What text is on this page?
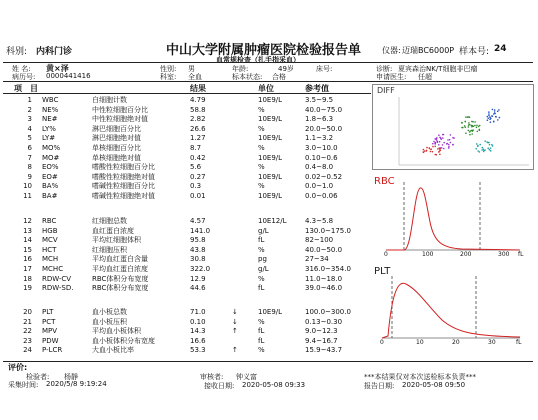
科别: 内科门诊	中山大学附属肿瘤医院检验报告单
血常规检查（扎手指采血）
仪器: 迈瑞BC6000P 样本号: 24
姓 名: 黄×泽	性别: 男	年龄:	49岁	床号:	诊断: 夏宾森治NK/T细胞非巴瘤
病历号: 0000441416	科室: 全血	标本状态: 合格	申请医生: 任超
项　目	结果	单位	参考值
1 WBC	白细胞计数	4.79	10E9/L	3.5~9.5
2 NE%	中性粒细胞百分比	58.8	%	40.0~75.0
3 NE#	中性粒细胞绝对值	2.82	10E9/L	1.8~6.3
4 LY%	淋巴细胞百分比	26.6	%	20.0~50.0
5 LY#	淋巴细胞绝对值	1.27	10E9/L	1.1~3.2
6 MO%	单核细胞百分比	8.7	%	3.0~10.0
7 MO#	单核细胞绝对值	0.42	10E9/L	0.10~0.6
8 EO%	嗜酸性粒细胞百分比	5.6	%	0.4~8.0
9 EO#	嗜酸性粒细胞绝对值	0.27	10E9/L	0.02~0.52
10 BA%	嗜碱性粒细胞百分比	0.3	%	0.0~1.0
11 BA#	嗜碱性粒细胞绝对值	0.01	10E9/L	0.0~0.06
12 RBC	红细胞总数	4.57	10E12/L	4.3~5.8
13 HGB	血红蛋白浓度	141.0	g/L	130.0~175.0
14 MCV	平均红细胞体积	95.8	fL	82~100
15 HCT	红细胞压积	43.8	%	40.0~50.0
16 MCH	平均血红蛋白含量	30.8	pg	27~34
17 MCHC	平均血红蛋白浓度	322.0	g/L	316.0~354.0
18 RDW-CV	RBC体积分布宽度	12.9	%	11.0~18.0
19 RDW-SD.	RBC体积分布宽度	44.6	fL	39.0~46.0
20 PLT	血小板总数	71.0	↓	10E9/L	100.0~300.0
21 PCT	血小板压积	0.10	↓	%	0.13~0.30
22 MPV	平均血小板体积	14.3	↑	fL	9.0~12.3
23 PDW	血小板体积分布宽度	16.6	fL	9.4~16.7
24 P-LCR	大血小板比率	53.3	↑	%	15.9~43.7
DIFF
RBC
0	100	200	300 fL
PLT
0	10	20	30	fL
评价:
检验者: 杨靜	审核者: 钟义富	***本结果仅对本次送检标本负责***
采集时间: 2020/5/8 9:19:24	接收日期: 2020-05-08 09:33	报告日期: 2020-05-08 09:50
